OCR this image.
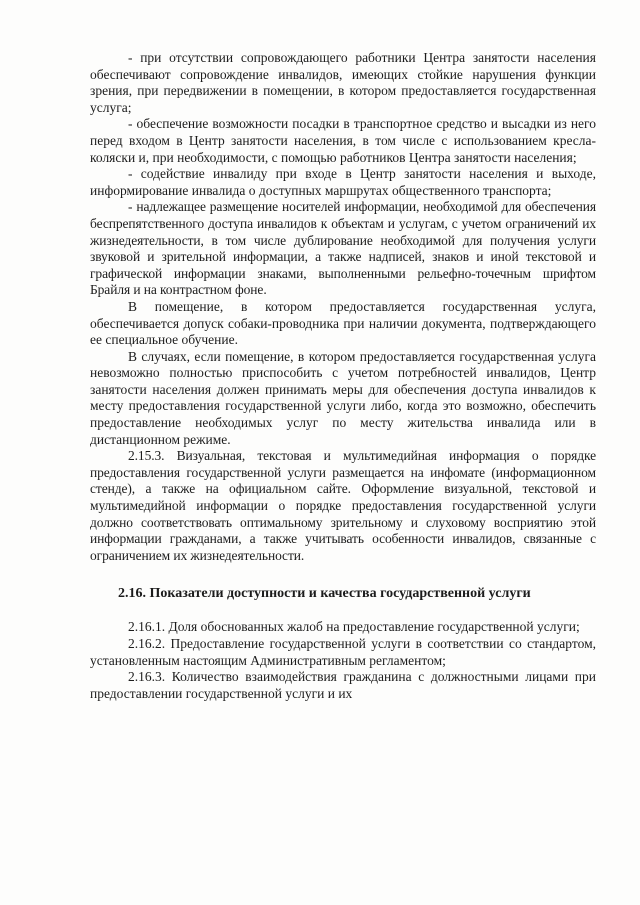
- при отсутствии сопровождающего работники Центра занятости населения обеспечивают сопровождение инвалидов, имеющих стойкие нарушения функции зрения, при передвижении в помещении, в котором предоставляется государственная услуга;

- обеспечение возможности посадки в транспортное средство и высадки из него перед входом в Центр занятости населения, в том числе с использованием кресла-коляски и, при необходимости, с помощью работников Центра занятости населения;

- содействие инвалиду при входе в Центр занятости населения и выходе, информирование инвалида о доступных маршрутах общественного транспорта;

- надлежащее размещение носителей информации, необходимой для обеспечения беспрепятственного доступа инвалидов к объектам и услугам, с учетом ограничений их жизнедеятельности, в том числе дублирование необходимой для получения услуги звуковой и зрительной информации, а также надписей, знаков и иной текстовой и графической информации знаками, выполненными рельефно-точечным шрифтом Брайля и на контрастном фоне.

В помещение, в котором предоставляется государственная услуга, обеспечивается допуск собаки-проводника при наличии документа, подтверждающего ее специальное обучение.

В случаях, если помещение, в котором предоставляется государственная услуга невозможно полностью приспособить с учетом потребностей инвалидов, Центр занятости населения должен принимать меры для обеспечения доступа инвалидов к месту предоставления государственной услуги либо, когда это возможно, обеспечить предоставление необходимых услуг по месту жительства инвалида или в дистанционном режиме.

2.15.3. Визуальная, текстовая и мультимедийная информация о порядке предоставления государственной услуги размещается на инфомате (информационном стенде), а также на официальном сайте. Оформление визуальной, текстовой и мультимедийной информации о порядке предоставления государственной услуги должно соответствовать оптимальному зрительному и слуховому восприятию этой информации гражданами, а также учитывать особенности инвалидов, связанные с ограничением их жизнедеятельности.

2.16. Показатели доступности и качества государственной услуги

2.16.1. Доля обоснованных жалоб на предоставление государственной услуги;

2.16.2. Предоставление государственной услуги в соответствии со стандартом, установленным настоящим Административным регламентом;

2.16.3. Количество взаимодействия гражданина с должностными лицами при предоставлении государственной услуги и их
